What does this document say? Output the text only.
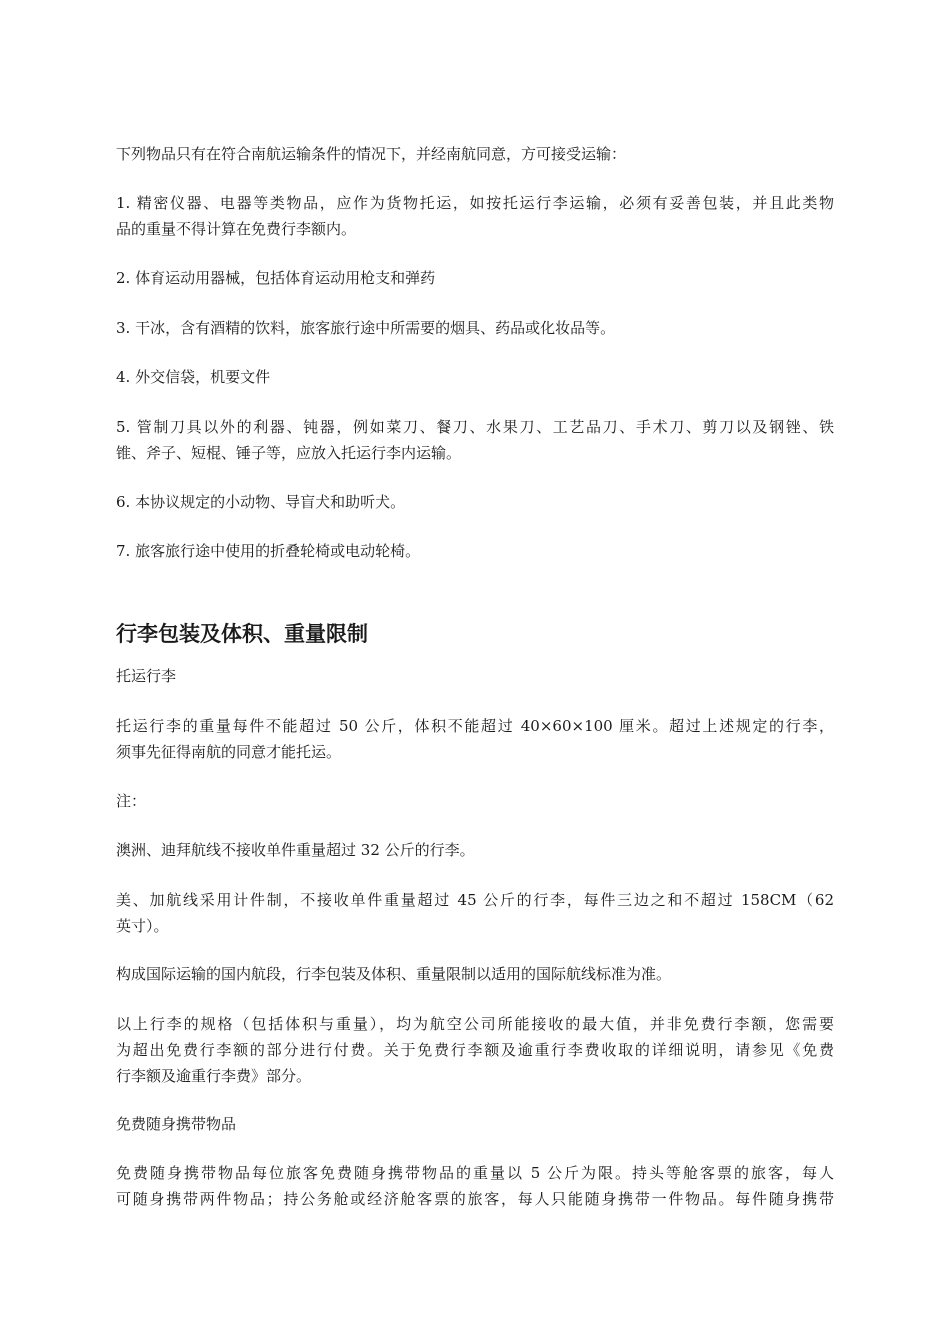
下列物品只有在符合南航运输条件的情况下，并经南航同意，方可接受运输：

1. 精密仪器、电器等类物品，应作为货物托运，如按托运行李运输，必须有妥善包装，并且此类物
品的重量不得计算在免费行李额内。

2. 体育运动用器械，包括体育运动用枪支和弹药

3. 干冰，含有酒精的饮料，旅客旅行途中所需要的烟具、药品或化妆品等。

4. 外交信袋，机要文件

5. 管制刀具以外的利器、钝器，例如菜刀、餐刀、水果刀、工艺品刀、手术刀、剪刀以及钢锉、铁
锥、斧子、短棍、锤子等，应放入托运行李内运输。

6. 本协议规定的小动物、导盲犬和助听犬。

7. 旅客旅行途中使用的折叠轮椅或电动轮椅。

行李包装及体积、重量限制

托运行李

托运行李的重量每件不能超过 50 公斤，体积不能超过 40×60×100 厘米。超过上述规定的行李，
须事先征得南航的同意才能托运。

注：

澳洲、迪拜航线不接收单件重量超过 32 公斤的行李。

美、加航线采用计件制，不接收单件重量超过 45 公斤的行李，每件三边之和不超过 158CM（62
英寸）。

构成国际运输的国内航段，行李包装及体积、重量限制以适用的国际航线标准为准。

以上行李的规格（包括体积与重量），均为航空公司所能接收的最大值，并非免费行李额，您需要
为超出免费行李额的部分进行付费。关于免费行李额及逾重行李费收取的详细说明，请参见《免费
行李额及逾重行李费》部分。

免费随身携带物品

免费随身携带物品每位旅客免费随身携带物品的重量以 5 公斤为限。持头等舱客票的旅客，每人
可随身携带两件物品；持公务舱或经济舱客票的旅客，每人只能随身携带一件物品。每件随身携带
